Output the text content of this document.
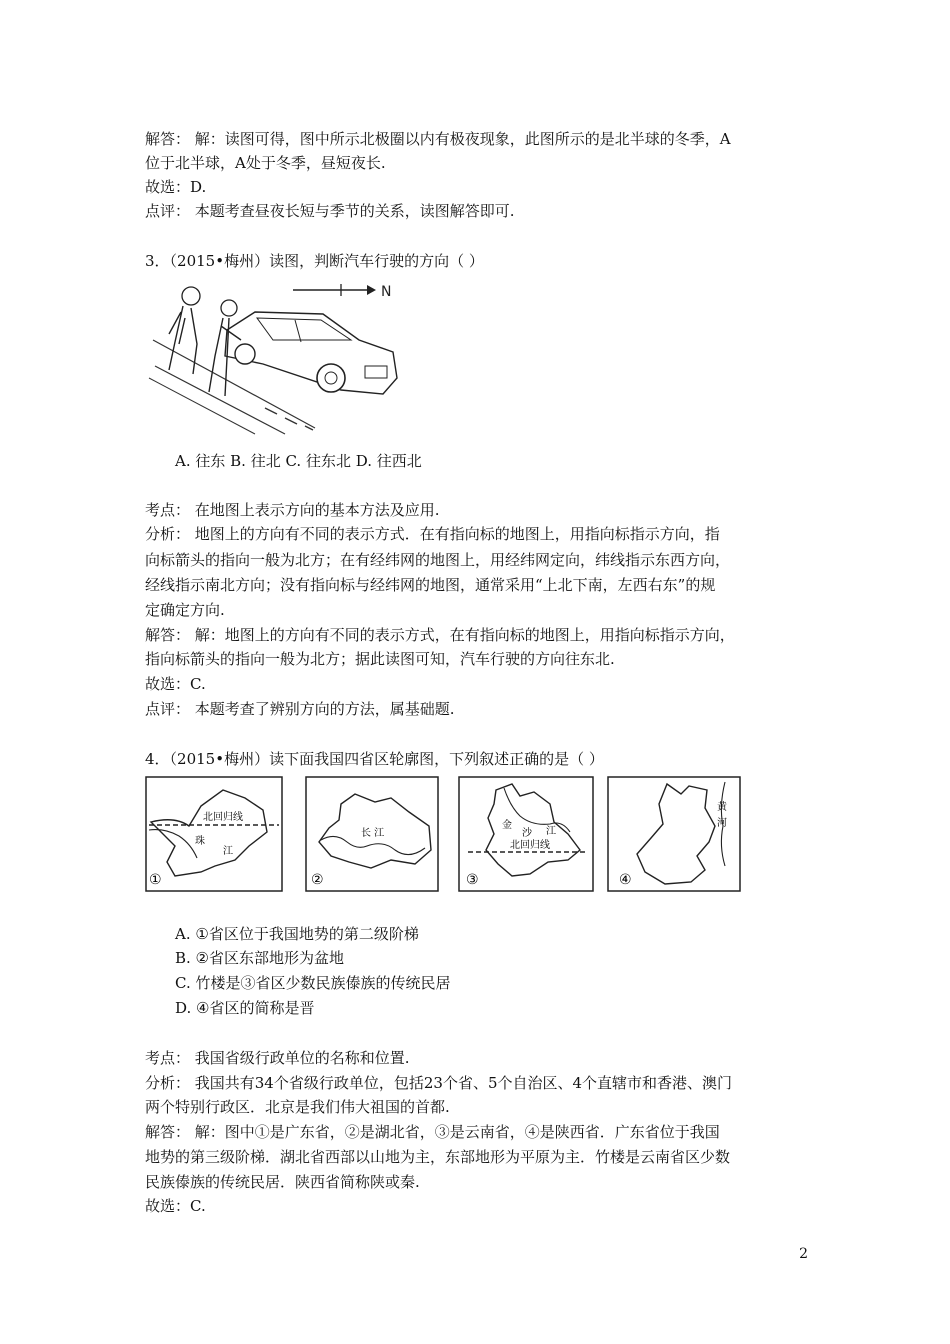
解答： 解：读图可得，图中所示北极圈以内有极夜现象，此图所示的是北半球的冬季，A
位于北半球，A处于冬季，昼短夜长.
故选：D.
点评： 本题考查昼夜长短与季节的关系，读图解答即可.
3．（2015•梅州）读图，判断汽车行驶的方向（ ）
N
A. 往东 B. 往北 C. 往东北 D. 往西北
考点： 在地图上表示方向的基本方法及应用.
分析： 地图上的方向有不同的表示方式．在有指向标的地图上，用指向标指示方向，指
向标箭头的指向一般为北方；在有经纬网的地图上，用经纬网定向，纬线指示东西方向，
经线指示南北方向；没有指向标与经纬网的地图，通常采用“上北下南，左西右东”的规
定确定方向.
解答： 解：地图上的方向有不同的表示方式，在有指向标的地图上，用指向标指示方向，
指向标箭头的指向一般为北方；据此读图可知，汽车行驶的方向往东北.
故选：C.
点评： 本题考查了辨别方向的方法，属基础题.
4．（2015•梅州）读下面我国四省区轮廓图，下列叙述正确的是（ ）
北回归线
珠
江
①
长 江
②
金
沙 江
北回归线
③
黄
河
④
A. ①省区位于我国地势的第二级阶梯
B. ②省区东部地形为盆地
C. 竹楼是③省区少数民族傣族的传统民居
D. ④省区的简称是晋
考点： 我国省级行政单位的名称和位置.
分析： 我国共有34个省级行政单位，包括23个省、5个自治区、4个直辖市和香港、澳门
两个特别行政区．北京是我们伟大祖国的首都.
解答： 解：图中①是广东省，②是湖北省，③是云南省，④是陕西省．广东省位于我国
地势的第三级阶梯．湖北省西部以山地为主，东部地形为平原为主．竹楼是云南省区少数
民族傣族的传统民居．陕西省简称陕或秦.
故选：C.
2
